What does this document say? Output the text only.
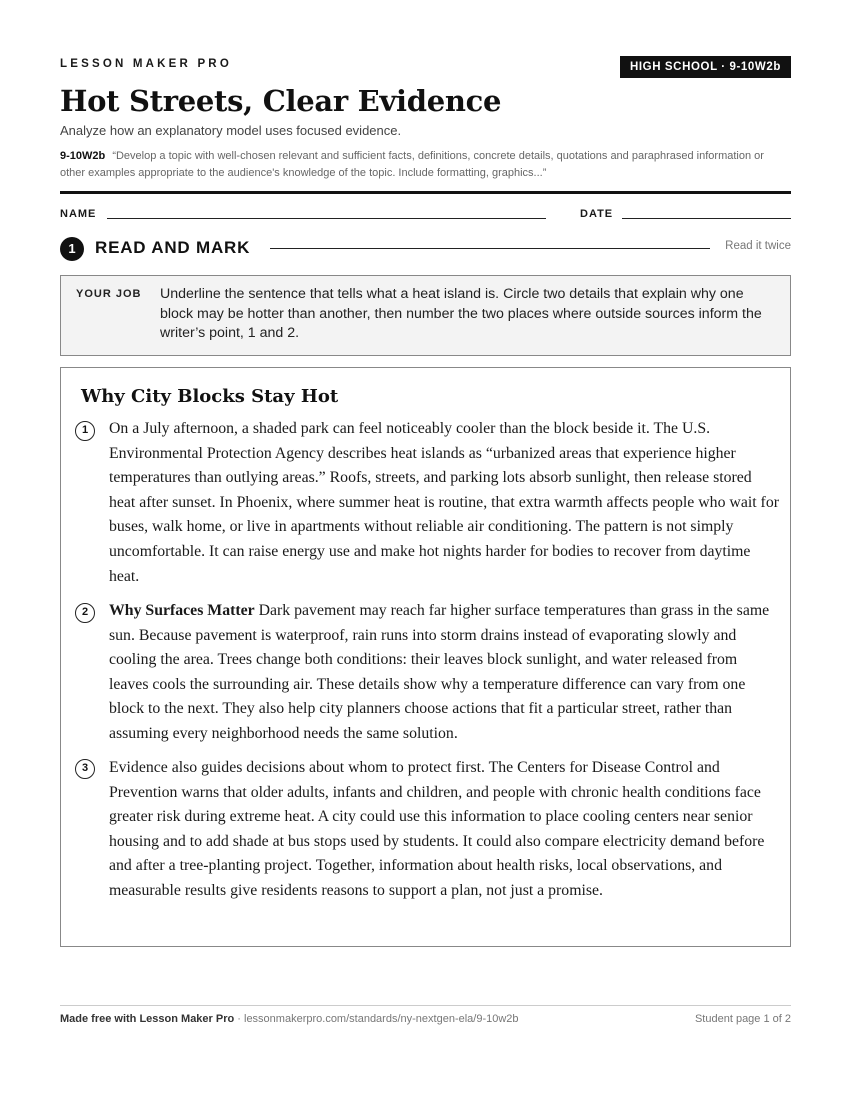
LESSON MAKER PRO	HIGH SCHOOL · 9-10W2b
Hot Streets, Clear Evidence
Analyze how an explanatory model uses focused evidence.
9-10W2b “Develop a topic with well-chosen relevant and sufficient facts, definitions, concrete details, quotations and paraphrased information or other examples appropriate to the audience's knowledge of the topic. Include formatting, graphics...”
NAME	DATE
1	READ AND MARK	Read it twice
YOUR JOB Underline the sentence that tells what a heat island is. Circle two details that explain why one block may be hotter than another, then number the two places where outside sources inform the writer’s point, 1 and 2.
Why City Blocks Stay Hot
1	On a July afternoon, a shaded park can feel noticeably cooler than the block beside it. The U.S. Environmental Protection Agency describes heat islands as “urbanized areas that experience higher temperatures than outlying areas.” Roofs, streets, and parking lots absorb sunlight, then release stored heat after sunset. In Phoenix, where summer heat is routine, that extra warmth affects people who wait for buses, walk home, or live in apartments without reliable air conditioning. The pattern is not simply uncomfortable. It can raise energy use and make hot nights harder for bodies to recover from daytime heat.

2	Why Surfaces Matter Dark pavement may reach far higher surface temperatures than grass in the same sun. Because pavement is waterproof, rain runs into storm drains instead of evaporating slowly and cooling the area. Trees change both conditions: their leaves block sunlight, and water released from leaves cools the surrounding air. These details show why a temperature difference can vary from one block to the next. They also help city planners choose actions that fit a particular street, rather than assuming every neighborhood needs the same solution.

3	Evidence also guides decisions about whom to protect first. The Centers for Disease Control and Prevention warns that older adults, infants and children, and people with chronic health conditions face greater risk during extreme heat. A city could use this information to place cooling centers near senior housing and to add shade at bus stops used by students. It could also compare electricity demand before and after a tree-planting project. Together, information about health risks, local observations, and measurable results give residents reasons to support a plan, not just a promise.

Made free with Lesson Maker Pro · lessonmakerpro.com/standards/ny-nextgen-ela/9-10w2b	Student page 1 of 2
